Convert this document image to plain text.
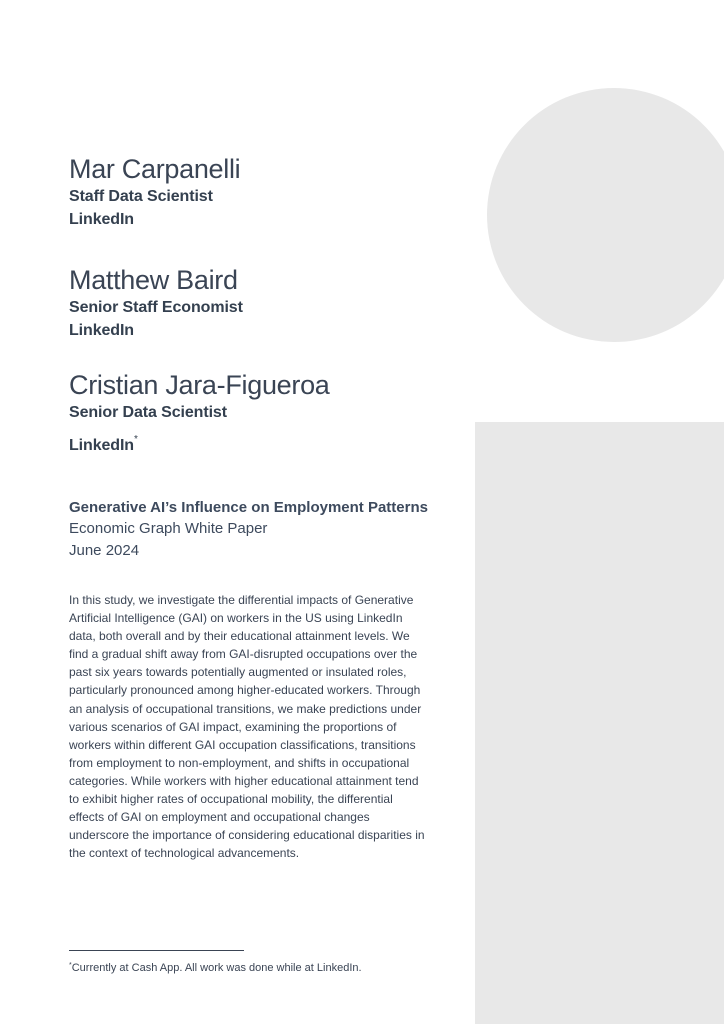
Mar Carpanelli
Staff Data Scientist
LinkedIn
Matthew Baird
Senior Staff Economist
LinkedIn
Cristian Jara-Figueroa
Senior Data Scientist
LinkedIn*
Generative AI’s Influence on Employment Patterns
Economic Graph White Paper
June 2024

In this study, we investigate the differential impacts of Generative Artificial Intelligence (GAI) on workers in the US using LinkedIn data, both overall and by their educational attainment levels. We find a gradual shift away from GAI-disrupted occupations over the past six years towards potentially augmented or insulated roles, particularly pronounced among higher-educated workers. Through an analysis of occupational transitions, we make predictions under various scenarios of GAI impact, examining the proportions of workers within different GAI occupation classifications, transitions from employment to non-employment, and shifts in occupational categories. While workers with higher educational attainment tend to exhibit higher rates of occupational mobility, the differential effects of GAI on employment and occupational changes underscore the importance of considering educational disparities in the context of technological advancements.

*Currently at Cash App. All work was done while at LinkedIn.
